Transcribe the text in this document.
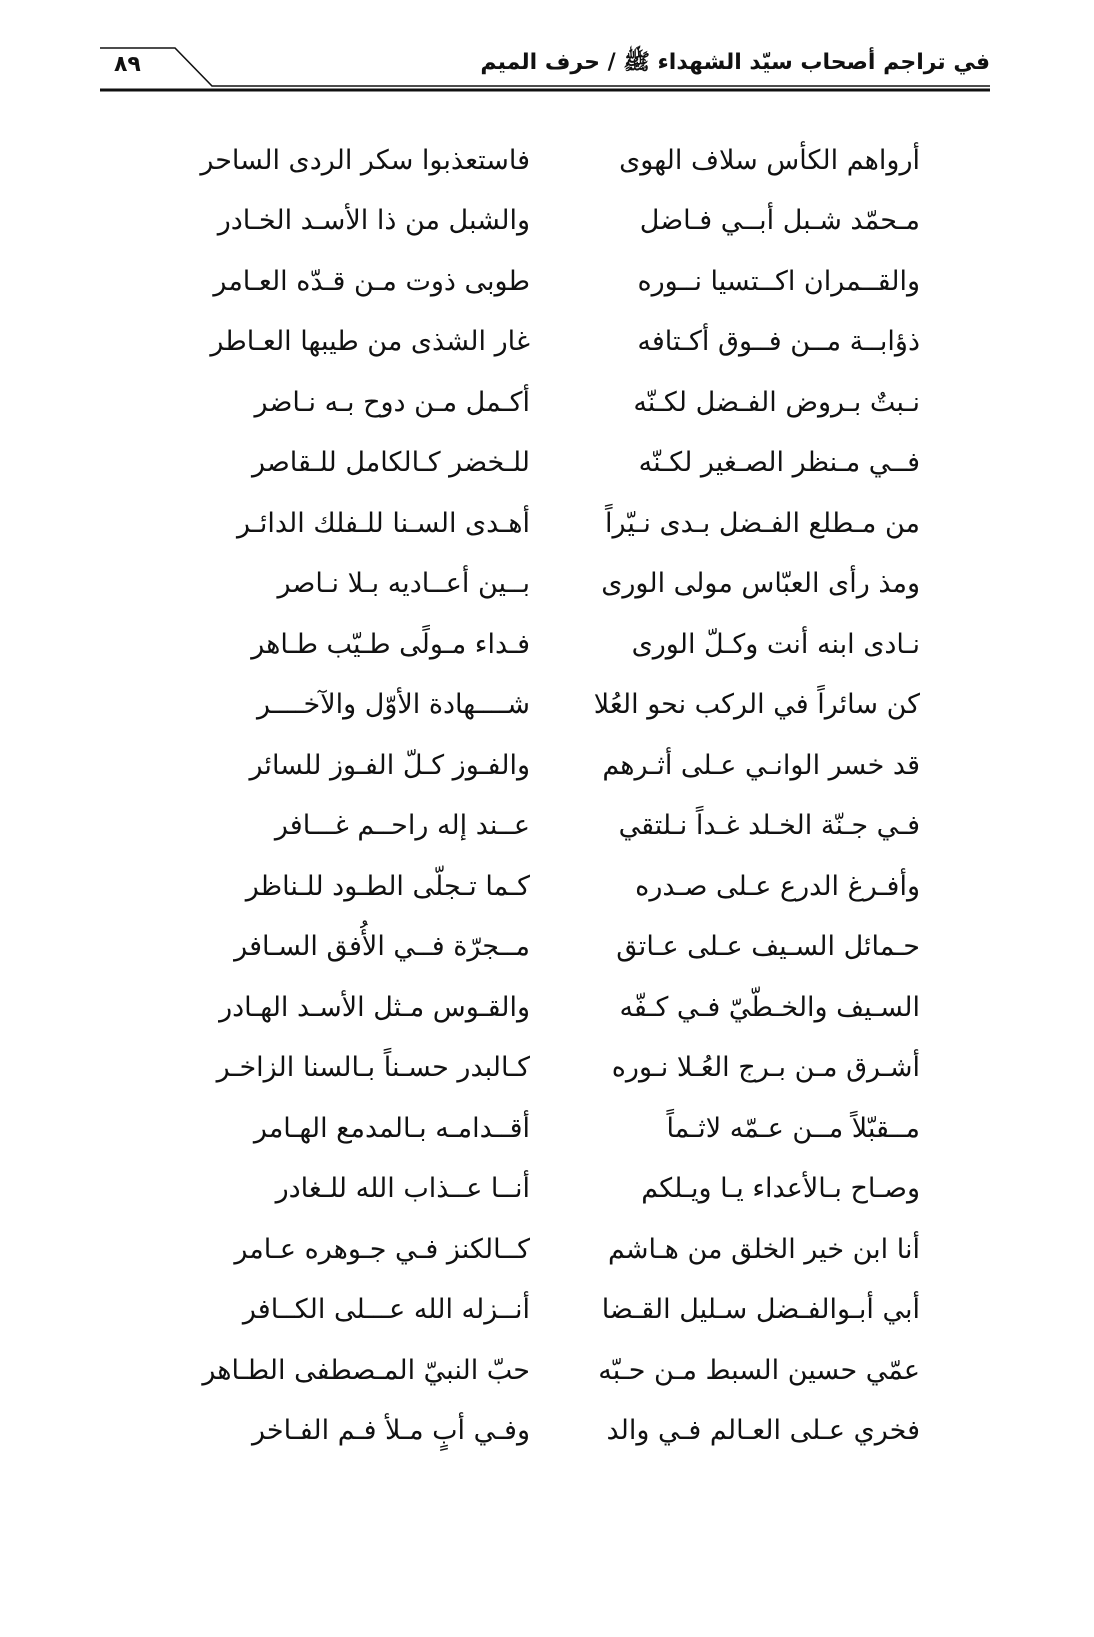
في تراجم أصحاب سيّد الشهداء ﷺ / حرف الميم
٨٩
أرواهم الكأس سلاف الهوى
فاستعذبوا سكر الردى الساحر
مـحمّد شـبل أبــي فـاضل
والشبل من ذا الأسـد الخـادر
والقــمران اكــتسيا نــوره
طوبى ذوت مـن قـدّه العـامر
ذؤابــة مــن فــوق أكـتافه
غار الشذى من طيبها العـاطر
نـبتٌ بـروض الفـضل لكـنّه
أكـمل مـن دوح بـه نـاضر
فــي مـنظر الصـغير لكـنّه
للـخضر كـالكامل للـقاصر
من مـطلع الفـضل بـدى نـيّراً
أهـدى السـنا للـفلك الدائـر
ومذ رأى العبّاس مولى الورى
بــين أعــاديه بـلا نـاصر
نـادى ابنه أنت وكـلّ الورى
فـداء مـولًى طـيّب طـاهر
كن سائراً في الركب نحو العُلا
شــــهادة الأوّل والآخــــر
قد خسر الوانـي عـلى أثـرهم
والفـوز كـلّ الفـوز للسائر
فـي جـنّة الخـلد غـداً نـلتقي
عــند إله راحــم غـــافر
وأفـرغ الدرع عـلى صـدره
كـما تـجلّى الطـود للـناظر
حـمائل السـيف عـلى عـاتق
مــجرّة فــي الأُفق السـافر
السـيف والخـطّيّ فـي كـفّه
والقـوس مـثل الأسـد الهـادر
أشـرق مـن بـرج العُـلا نـوره
كـالبدر حسـناً بـالسنا الزاخـر
مــقبّلاً مــن عـمّه لاثـماً
أقــدامـه بـالمدمع الهـامر
وصـاح بـالأعداء يـا ويـلكم
أنــا عــذاب الله للـغادر
أنا ابن خير الخلق من هـاشم
كــالكنز فـي جـوهره عـامر
أبي أبـوالفـضل سـليل القـضا
أنــزله الله عـــلى الكــافر
عمّي حسين السبط مـن حـبّه
حبّ النبيّ المـصطفى الطـاهر
فخري عـلى العـالم فـي والد
وفـي أبٍ مـلأ فـم الفـاخر
